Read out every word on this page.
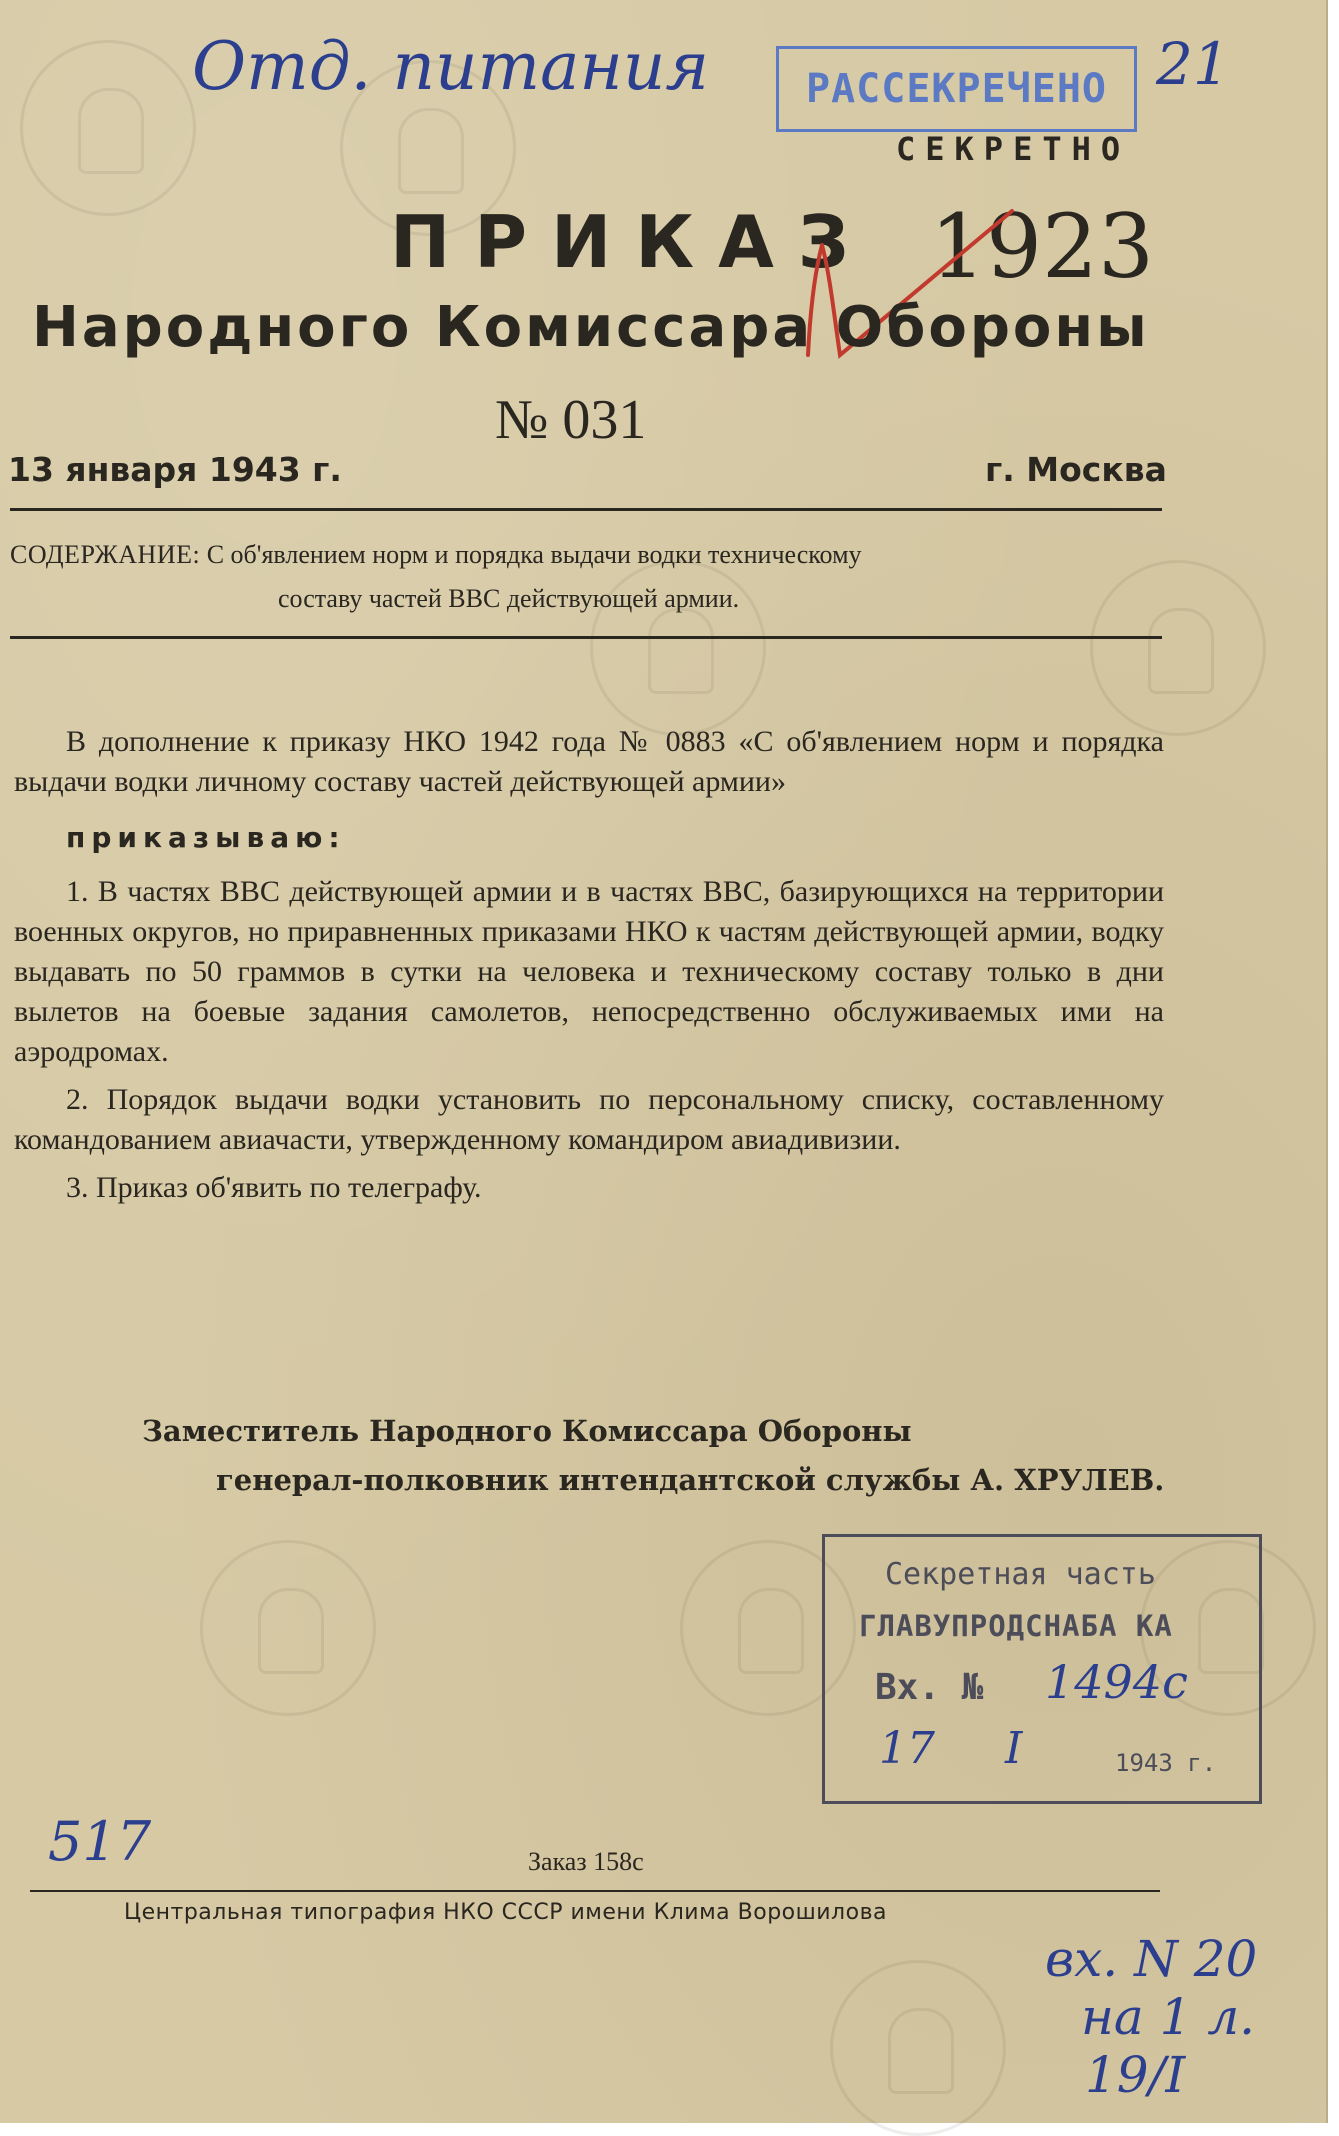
Отд. питания	21
РАССЕКРЕЧЕНО
СЕКРЕТНО
ПРИКАЗ 1923
Народного Комиссара Обороны
№ 031
13 января 1943 г.	г. Москва
СОДЕРЖАНИЕ: С об'явлением норм и порядка выдачи водки техническому
составу частей ВВС действующей армии.

В дополнение к приказу НКО 1942 года № 0883 «С об'явлением норм и порядка выдачи водки личному составу частей действующей армии»

приказываю:

1. В частях ВВС действующей армии и в частях ВВС, базирующихся на территории военных округов, но приравненных приказами НКО к частям действующей армии, водку выдавать по 50 граммов в сутки на человека и техническому составу только в дни вылетов на боевые задания самолетов, непосредственно обслуживаемых ими на аэродромах.

2. Порядок выдачи водки установить по персональному списку, составленному командованием авиачасти, утвержденному командиром авиадивизии.

3. Приказ об'явить по телеграфу.

Заместитель Народного Комиссара Обороны
генерал-полковник интендантской службы А. ХРУЛЕВ.
Секретная часть
ГЛАВУПРОДСНАБА КА
Вх. № 1494с
17 I	1943 г.
517	Заказ 158с
Центральная типография НКО СССР имени Клима Ворошилова
вх. N 20
на 1 л.
19/I
